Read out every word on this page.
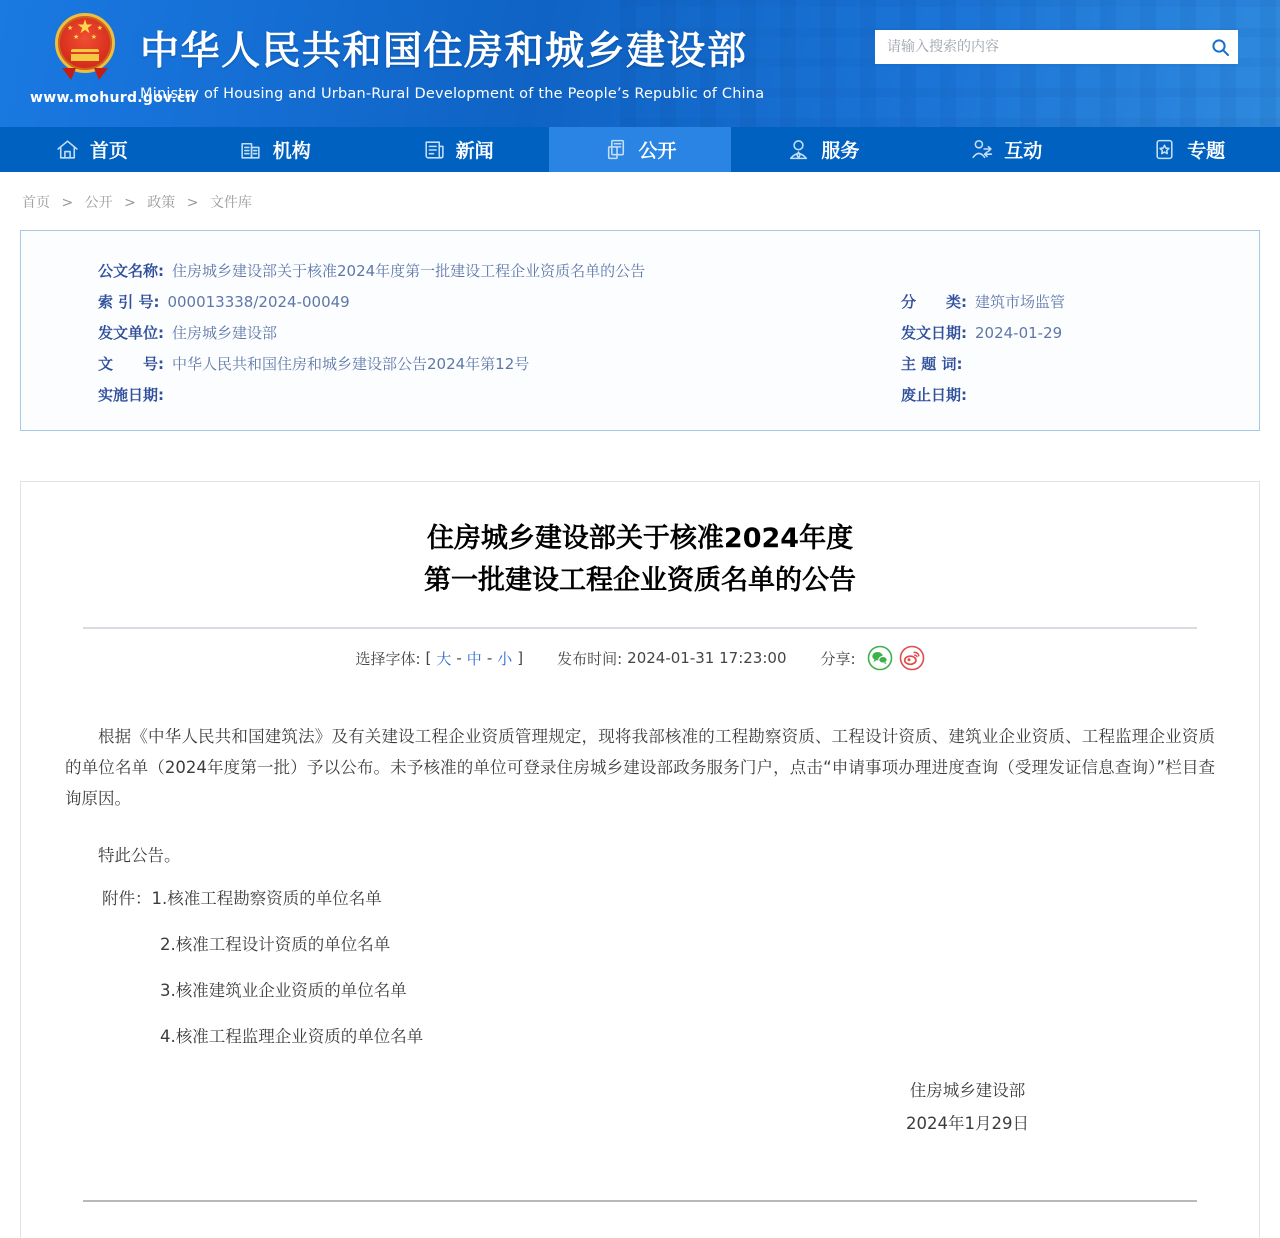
★
★	★
★ ★
www.mohurd.gov.cn
中华人民共和国住房和城乡建设部
Ministry of Housing and Urban-Rural Development of the People’s Republic of China
请输入搜索的内容
首页	机构	新闻	公开	服务	互动	专题
首页 > 公开 > 政策 > 文件库
公文名称: 住房城乡建设部关于核准2024年度第一批建设工程企业资质名单的公告
索 引 号: 000013338/2024-00049	分　　类: 建筑市场监管
发文单位: 住房城乡建设部	发文日期: 2024-01-29
文　　号: 中华人民共和国住房和城乡建设部公告2024年第12号	主 题 词:
实施日期:	废止日期:
住房城乡建设部关于核准2024年度
第一批建设工程企业资质名单的公告
选择字体: [ 大 - 中 - 小 ] 发布时间: 2024-01-31 17:23:00 分享:

根据《中华人民共和国建筑法》及有关建设工程企业资质管理规定，现将我部核准的工程勘察资质、工程设计资质、建筑业企业资质、工程监理企业资质的单位名单（2024年度第一批）予以公布。未予核准的单位可登录住房城乡建设部政务服务门户，点击“申请事项办理进度查询（受理发证信息查询）”栏目查询原因。

特此公告。

附件： 1.核准工程勘察资质的单位名单
2.核准工程设计资质的单位名单
3.核准建筑业企业资质的单位名单
4.核准工程监理企业资质的单位名单
住房城乡建设部
2024年1月29日
